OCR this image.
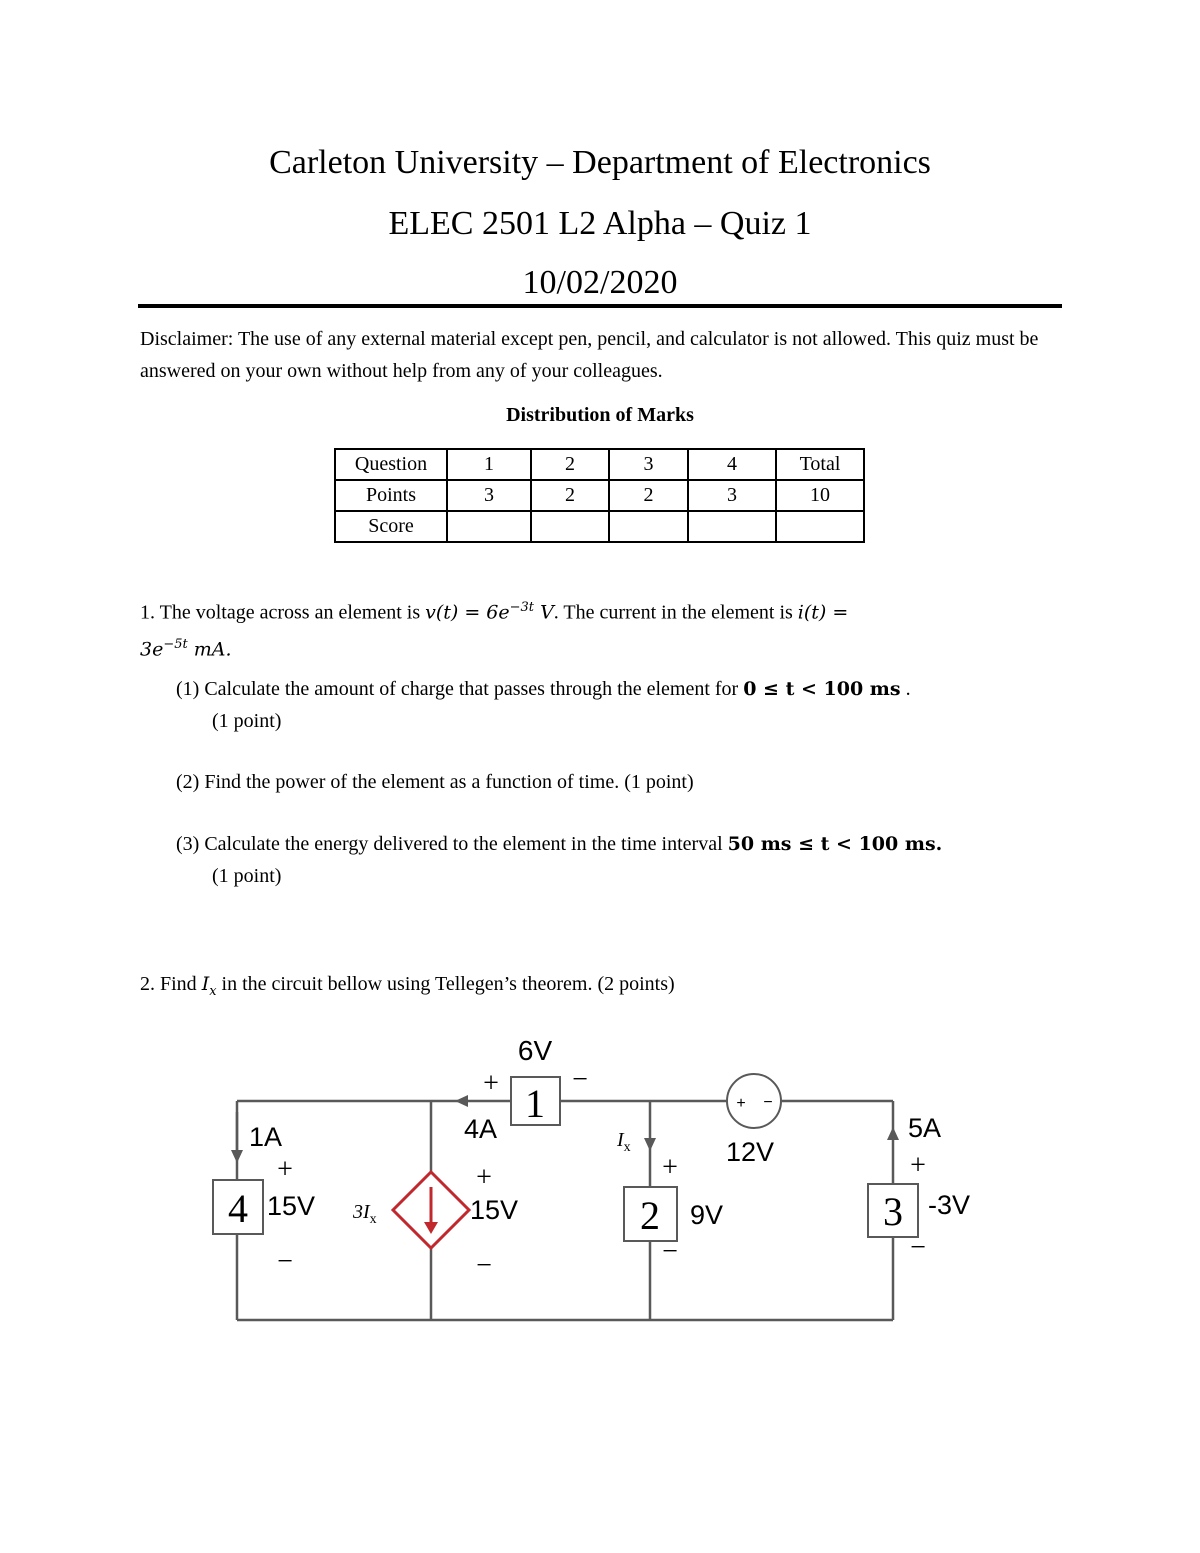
Carleton University – Department of Electronics
ELEC 2501 L2 Alpha – Quiz 1
10/02/2020
Disclaimer: The use of any external material except pen, pencil, and calculator is not allowed. This quiz must be answered on your own without help from any of your colleagues.
Distribution of Marks
Question	1	2	3	4	Total
Points	3	2	2	3	10
Score					
1. The voltage across an element is $v(t) = 6e^{-3t}$ V. The current in the element is i(t) =
$3e^{-5t}$ mA.
(1) Calculate the amount of charge that passes through the element for 0 ≤ t < 100 ms .
(1 point)
(2) Find the power of the element as a function of time. (1 point)
(3) Calculate the energy delivered to the element in the time interval 50 ms ≤ t < 100 ms.
(1 point)
2. Find $I_x$ in the circuit bellow using Tellegen’s theorem. (2 points)
1
4	2	3
+ −
6V
4A
1A
15V	15V
12V
9V
5A
-3V
$3I_x$
$I_x$
+	−
+
−
+
−
+
−
+
−
